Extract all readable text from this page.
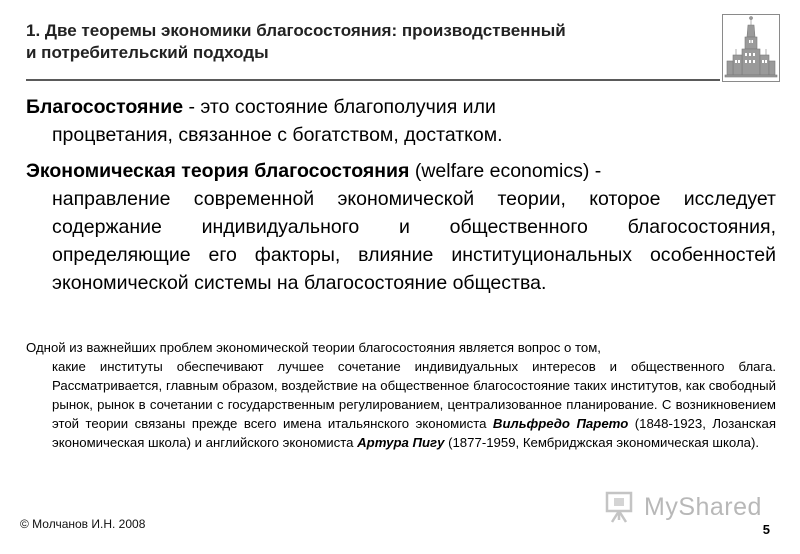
1. Две теоремы экономики благосостояния: производственный
и потребительский подходы
Благосостояние - это состояние благополучия или
процветания, связанное с богатством, достатком.
Экономическая теория благосостояния (welfare economics) -
направление современной экономической теории, которое исследует содержание индивидуального и общественного благосостояния, определяющие его факторы, влияние институциональных особенностей экономической системы на благосостояние общества.
Одной из важнейших проблем экономической теории благосостояния является вопрос о том,
какие институты обеспечивают лучшее сочетание индивидуальных интересов и общественного блага. Рассматривается, главным образом, воздействие на общественное благосостояние таких институтов, как свободный рынок, рынок в сочетании с государственным регулированием, централизованное планирование. С возникновением этой теории связаны прежде всего имена итальянского экономиста Вильфредо Парето (1848-1923, Лозанская экономическая школа) и английского экономиста Артура Пигу (1877-1959, Кембриджская экономическая школа).
© Молчанов И.Н. 2008
MyShared
5
